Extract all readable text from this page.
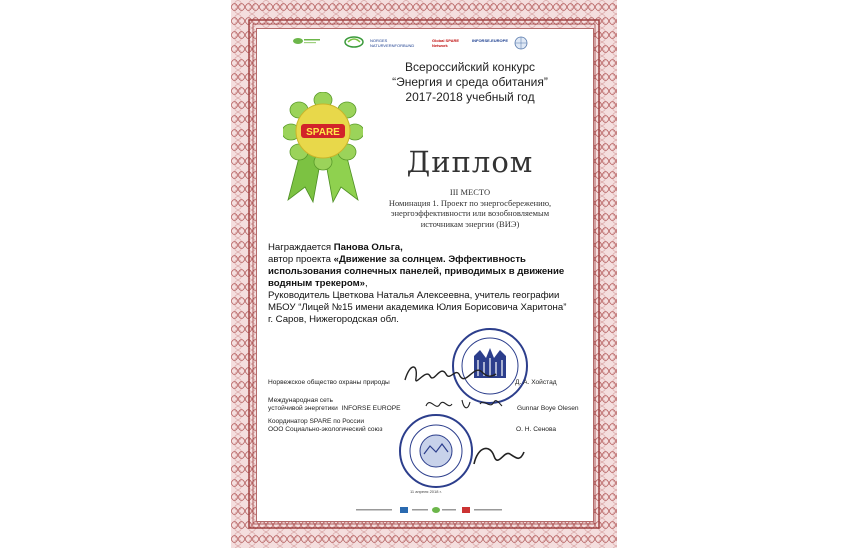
NORGES
NATURVERNFORBUND
Global SPARE Network
INFORSE-EUROPE
SPARE
Всероссийский конкурс
“Энергия и среда обитания”
2017-2018 учебный год
Диплом
III МЕСТО
Номинация 1. Проект по энергосбережению,
энергоэффективности или возобновляемым
источникам энергии (ВИЭ)
Награждается Панова Ольга,
автор проекта «Движение за солнцем. Эффективность
использования солнечных панелей, приводимых в движение
водяным трекером»,
Руководитель Цветкова Наталья Алексеевна, учитель географии
МБОУ “Лицей №15 имени академика Юлия Борисовича Харитона”
г. Саров, Нижегородская обл.
Норвежское общество охраны природы	Д. А. Хойстад
Международная сеть
устойчивой энергетики  INFORSE EUROPE	Gunnar Boye Olesen
Координатор SPARE по России
ООО Социально-экологический союз	О. Н. Сенова
11 апреля 2018 г.
